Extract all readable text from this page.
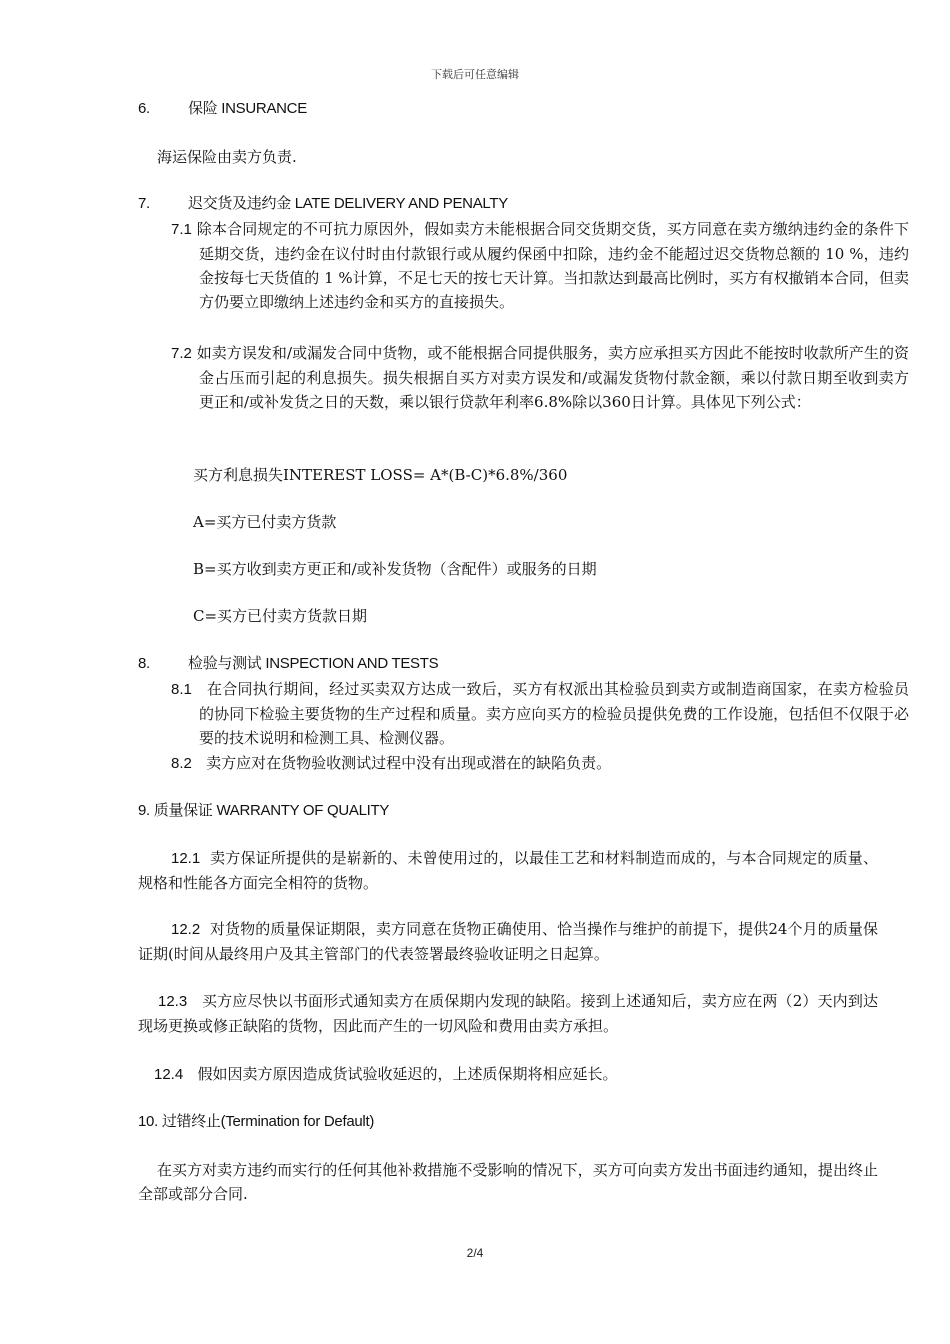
下载后可任意编辑
6.	保险 INSURANCE
海运保险由卖方负责.
7.	迟交货及违约金 LATE DELIVERY AND PENALTY
7.1 除本合同规定的不可抗力原因外，假如卖方未能根据合同交货期交货，买方同意在卖方缴纳违约金的条件下延期交货，违约金在议付时由付款银行或从履约保函中扣除，违约金不能超过迟交货物总额的 10 %，违约金按每七天货值的 1 %计算，不足七天的按七天计算。当扣款达到最高比例时，买方有权撤销本合同，但卖方仍要立即缴纳上述违约金和买方的直接损失。
7.2 如卖方误发和/或漏发合同中货物，或不能根据合同提供服务，卖方应承担买方因此不能按时收款所产生的资金占压而引起的利息损失。损失根据自买方对卖方误发和/或漏发货物付款金额，乘以付款日期至收到卖方更正和/或补发货之日的天数，乘以银行贷款年利率6.8%除以360日计算。具体见下列公式：
买方利息损失INTEREST LOSS= A*(B-C)*6.8%/360
A=买方已付卖方货款
B=买方收到卖方更正和/或补发货物（含配件）或服务的日期
C=买方已付卖方货款日期
8.	检验与测试 INSPECTION AND TESTS
8.1 在合同执行期间，经过买卖双方达成一致后，买方有权派出其检验员到卖方或制造商国家，在卖方检验员的协同下检验主要货物的生产过程和质量。卖方应向买方的检验员提供免费的工作设施，包括但不仅限于必要的技术说明和检测工具、检测仪器。
8.2 卖方应对在货物验收测试过程中没有出现或潜在的缺陷负责。
9. 质量保证 WARRANTY OF QUALITY
12.1 卖方保证所提供的是崭新的、未曾使用过的，以最佳工艺和材料制造而成的，与本合同规定的质量、规格和性能各方面完全相符的货物。
12.2 对货物的质量保证期限，卖方同意在货物正确使用、恰当操作与维护的前提下，提供24个月的质量保证期(时间从最终用户及其主管部门的代表签署最终验收证明之日起算。
12.3 买方应尽快以书面形式通知卖方在质保期内发现的缺陷。接到上述通知后，卖方应在两（2）天内到达现场更换或修正缺陷的货物，因此而产生的一切风险和费用由卖方承担。
12.4 假如因卖方原因造成货试验收延迟的，上述质保期将相应延长。
10. 过错终止(Termination for Default)
在买方对卖方违约而实行的任何其他补救措施不受影响的情况下，买方可向卖方发出书面违约通知，提出终止全部或部分合同.
2/4
